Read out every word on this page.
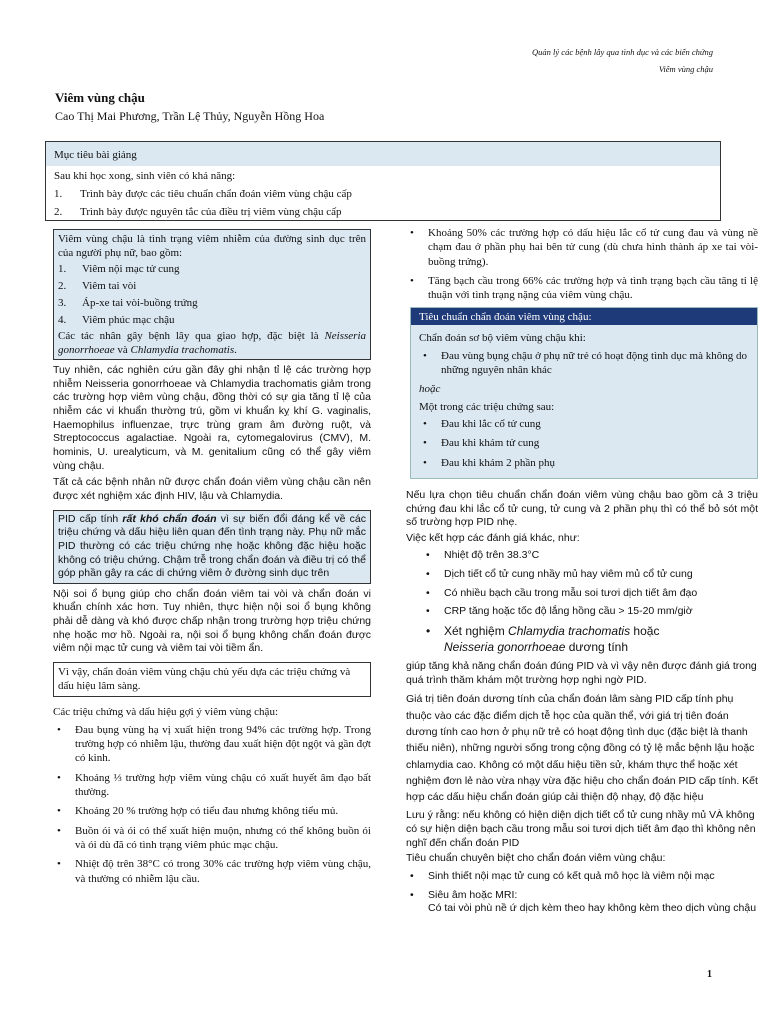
Quản lý các bệnh lây qua tình dục và các biến chứng
Viêm vùng chậu
Viêm vùng chậu
Cao Thị Mai Phương, Trần Lệ Thủy, Nguyễn Hồng Hoa
Mục tiêu bài giảng
Sau khi học xong, sinh viên có khả năng:
1. Trình bày được các tiêu chuẩn chẩn đoán viêm vùng chậu cấp
2. Trình bày được nguyên tắc của điều trị viêm vùng chậu cấp
Viêm vùng chậu là tình trạng viêm nhiễm của đường sinh dục trên của người phụ nữ, bao gồm:
1. Viêm nội mạc tử cung
2. Viêm tai vòi
3. Áp-xe tai vòi-buồng trứng
4. Viêm phúc mạc chậu
Các tác nhân gây bệnh lây qua giao hợp, đặc biệt là Neisseria gonorrhoeae và Chlamydia trachomatis.

Tuy nhiên, các nghiên cứu gần đây ghi nhận tỉ lệ các trường hợp nhiễm Neisseria gonorrhoeae và Chlamydia trachomatis giảm trong các trường hợp viêm vùng chậu, đồng thời có sự gia tăng tỉ lệ của nhiễm các vi khuẩn thường trú, gồm vi khuẩn kỵ khí G. vaginalis, Haemophilus influenzae, trực trùng gram âm đường ruột, và Streptococcus agalactiae. Ngoài ra, cytomegalovirus (CMV), M. hominis, U. urealyticum, và M. genitalium cũng có thể gây viêm vùng chậu.

Tất cả các bệnh nhân nữ được chẩn đoán viêm vùng chậu cần nên được xét nghiệm xác định HIV, lậu và Chlamydia.

PID cấp tính rất khó chẩn đoán vì sự biến đổi đáng kể về các triệu chứng và dấu hiệu liên quan đến tình trạng này. Phụ nữ mắc PID thường có các triệu chứng nhẹ hoặc không đặc hiệu hoặc không có triệu chứng. Chậm trễ trong chẩn đoán và điều trị có thể góp phần gây ra các di chứng viêm ở đường sinh dục trên

Nội soi ổ bụng giúp cho chẩn đoán viêm tai vòi và chẩn đoán vi khuẩn chính xác hơn. Tuy nhiên, thực hiện nội soi ổ bụng không phải dễ dàng và khó được chấp nhận trong trường hợp triệu chứng nhẹ hoặc mơ hồ. Ngoài ra, nội soi ổ bụng không chẩn đoán được viêm nội mạc tử cung và viêm tai vòi tiềm ẩn.

Vì vậy, chẩn đoán viêm vùng chậu chủ yếu dựa các triệu chứng và dấu hiệu lâm sàng.

Các triệu chứng và dấu hiệu gợi ý viêm vùng chậu:

• Đau bụng vùng hạ vị xuất hiện trong 94% các trường hợp. Trong trường hợp có nhiễm lậu, thường đau xuất hiện đột ngột và gần đợt có kinh.
• Khoảng ⅓ trường hợp viêm vùng chậu có xuất huyết âm đạo bất thường.
• Khoảng 20 % trường hợp có tiểu đau nhưng không tiểu mủ.
• Buồn ói và ói có thể xuất hiện muộn, nhưng có thể không buồn ói và ói dù đã có tình trạng viêm phúc mạc chậu.
• Nhiệt độ trên 38°C có trong 30% các trường hợp viêm vùng chậu, và thường có nhiễm lậu cầu.
• Khoảng 50% các trường hợp có dấu hiệu lắc cổ tử cung đau và vùng nề chạm đau ở phần phụ hai bên tử cung (dù chưa hình thành áp xe tai vòi-buồng trứng).
• Tăng bạch cầu trong 66% các trường hợp và tình trạng bạch cầu tăng tỉ lệ thuận với tình trạng nặng của viêm vùng chậu.
Tiêu chuẩn chẩn đoán viêm vùng chậu:

Chẩn đoán sơ bộ viêm vùng chậu khi:

• Đau vùng bụng chậu ở phụ nữ trẻ có hoạt động tình dục mà không do những nguyên nhân khác

hoặc

Một trong các triệu chứng sau:

• Đau khi lắc cổ tử cung
• Đau khi khám tử cung
• Đau khi khám 2 phần phụ

Nếu lựa chọn tiêu chuẩn chẩn đoán viêm vùng chậu bao gồm cả 3 triệu chứng đau khi lắc cổ tử cung, tử cung và 2 phần phụ thì có thể bỏ sót một số trường hợp PID nhẹ.

Việc kết hợp các đánh giá khác, như:

• Nhiệt độ trên 38.3°C
• Dịch tiết cổ tử cung nhầy mủ hay viêm mủ cổ tử cung
• Có nhiều bạch cầu trong mẫu soi tươi dịch tiết âm đạo
• CRP tăng hoặc tốc độ lắng hồng cầu > 15-20 mm/giờ
• Xét nghiệm Chlamydia trachomatis hoặc
Neisseria gonorrhoeae dương tính

giúp tăng khả năng chẩn đoán đúng PID và vì vậy nên được đánh giá trong quá trình thăm khám một trường hợp nghi ngờ PID.

Giá trị tiên đoán dương tính của chẩn đoán lâm sàng PID cấp tính phụ thuộc vào các đặc điểm dịch tễ học của quần thể, với giá trị tiên đoán dương tính cao hơn ở phụ nữ trẻ có hoạt động tình dục (đặc biệt là thanh thiếu niên), những người sống trong cộng đồng có tỷ lệ mắc bệnh lậu hoặc chlamydia cao. Không có một dấu hiệu tiền sử, khám thực thể hoặc xét nghiệm đơn lẻ nào vừa nhạy vừa đặc hiệu cho chẩn đoán PID cấp tính. Kết hợp các dấu hiệu chẩn đoán giúp cải thiện độ nhạy, độ đặc hiệu

Lưu ý rằng: nếu không có hiện diện dịch tiết cổ tử cung nhầy mủ VÀ không có sự hiện diện bạch cầu trong mẫu soi tươi dịch tiết âm đạo thì không nên nghĩ đến chẩn đoán PID

Tiêu chuẩn chuyên biệt cho chẩn đoán viêm vùng chậu:

• Sinh thiết nội mạc tử cung có kết quả mô học là viêm nội mạc
• Siêu âm hoặc MRI:
Có tai vòi phù nề ứ dịch kèm theo hay không kèm theo dịch vùng chậu
1
